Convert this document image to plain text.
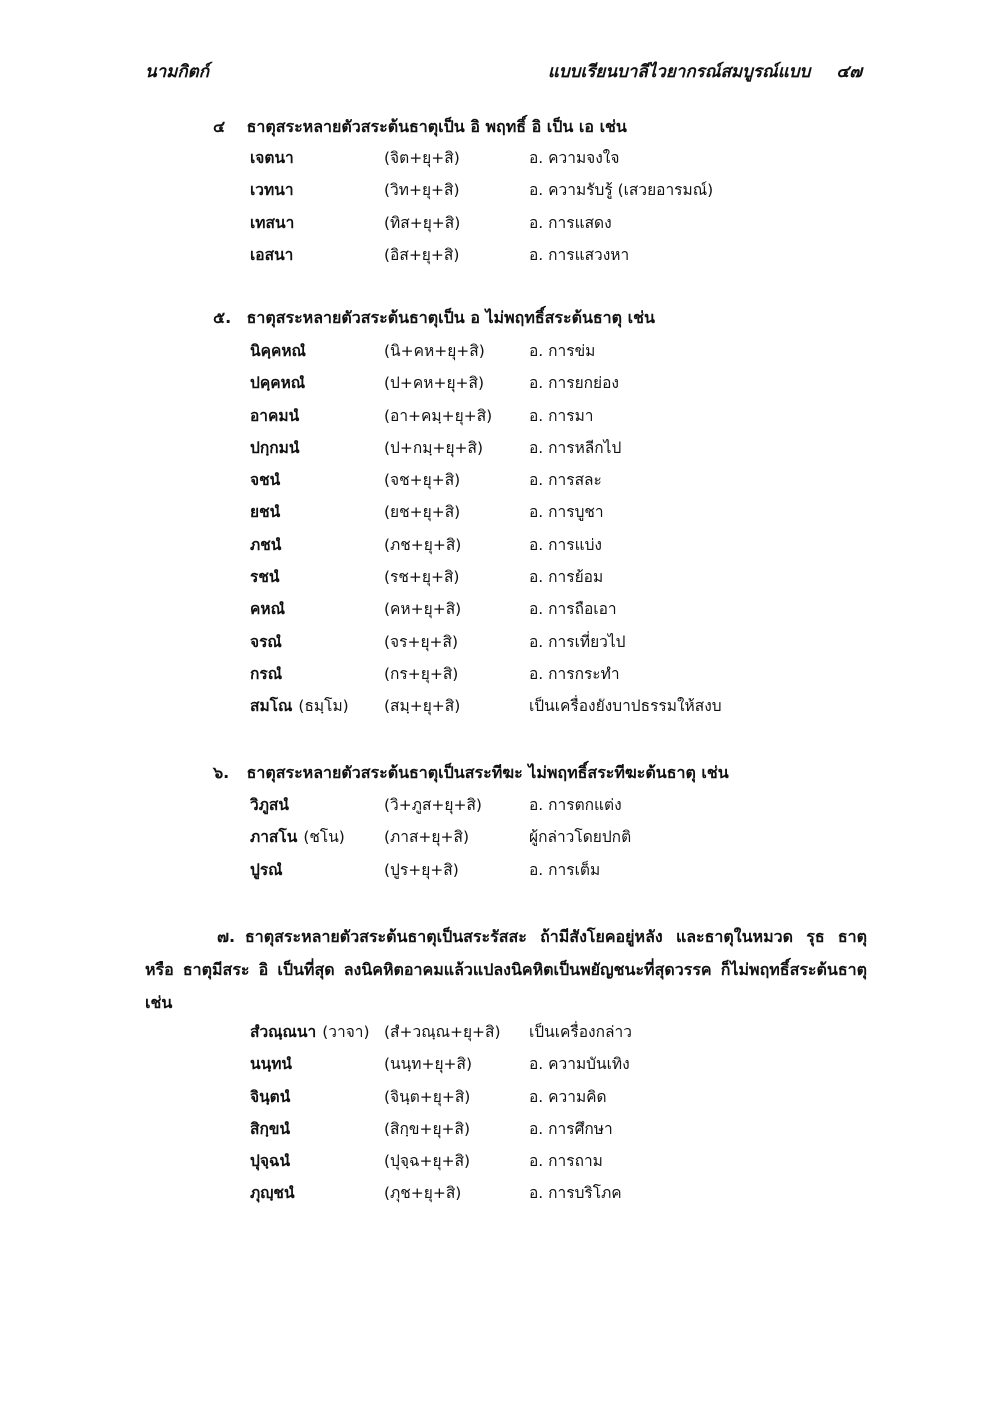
นามกิตก์	แบบเรียนบาลีไวยากรณ์สมบูรณ์แบบ ๔๗
๔ ธาตุสระหลายตัวสระต้นธาตุเป็น อิ พฤทธิ์ อิ เป็น เอ เช่น
เจตนา	(จิต+ยุ+สิ)	อ. ความจงใจ
เวทนา	(วิท+ยุ+สิ)	อ. ความรับรู้ (เสวยอารมณ์)
เทสนา	(ทิส+ยุ+สิ)	อ. การแสดง
เอสนา	(อิส+ยุ+สิ)	อ. การแสวงหา
๕. ธาตุสระหลายตัวสระต้นธาตุเป็น อ ไม่พฤทธิ์สระต้นธาตุ เช่น
นิคฺคหณํ	(นิ+คห+ยุ+สิ)	อ. การข่ม
ปคฺคหณํ	(ป+คห+ยุ+สิ)	อ. การยกย่อง
อาคมนํ	(อา+คมฺ+ยุ+สิ) อ. การมา
ปกฺกมนํ	(ป+กมฺ+ยุ+สิ)	อ. การหลีกไป
จชนํ	(จช+ยุ+สิ)	อ. การสละ
ยชนํ	(ยช+ยุ+สิ)	อ. การบูชา
ภชนํ	(ภช+ยุ+สิ)	อ. การแบ่ง
รชนํ	(รช+ยุ+สิ)	อ. การย้อม
คหณํ	(คห+ยุ+สิ)	อ. การถือเอา
จรณํ	(จร+ยุ+สิ)	อ. การเที่ยวไป
กรณํ	(กร+ยุ+สิ)	อ. การกระทำ
สมโณ (ธมฺโม) (สมฺ+ยุ+สิ)	เป็นเครื่องยังบาปธรรมให้สงบ
๖. ธาตุสระหลายตัวสระต้นธาตุเป็นสระทีฆะ ไม่พฤทธิ์สระทีฆะต้นธาตุ เช่น
วิภูสนํ	(วิ+ภูส+ยุ+สิ)	อ. การตกแต่ง
ภาสโน (ชโน)	(ภาส+ยุ+สิ)	ผู้กล่าวโดยปกติ
ปูรณํ	(ปูร+ยุ+สิ)	อ. การเต็ม
๗. ธาตุสระหลายตัวสระต้นธาตุเป็นสระรัสสะ ถ้ามีสังโยคอยู่หลัง และธาตุในหมวด รุธ ธาตุ หรือ ธาตุมีสระ อิ เป็นที่สุด ลงนิคหิตอาคมแล้วแปลงนิคหิตเป็นพยัญชนะที่สุดวรรค ก็ไม่พฤทธิ์สระต้นธาตุ เช่น
สํวณฺณนา (วาจา) (สํ+วณฺณ+ยุ+สิ) เป็นเครื่องกล่าว
นนฺทนํ	(นนฺท+ยุ+สิ)	อ. ความบันเทิง
จินฺตนํ	(จินฺต+ยุ+สิ)	อ. ความคิด
สิกฺขนํ	(สิกฺข+ยุ+สิ)	อ. การศึกษา
ปุจฺฉนํ	(ปุจฺฉ+ยุ+สิ)	อ. การถาม
ภุญฺชนํ	(ภุช+ยุ+สิ)	อ. การบริโภค
